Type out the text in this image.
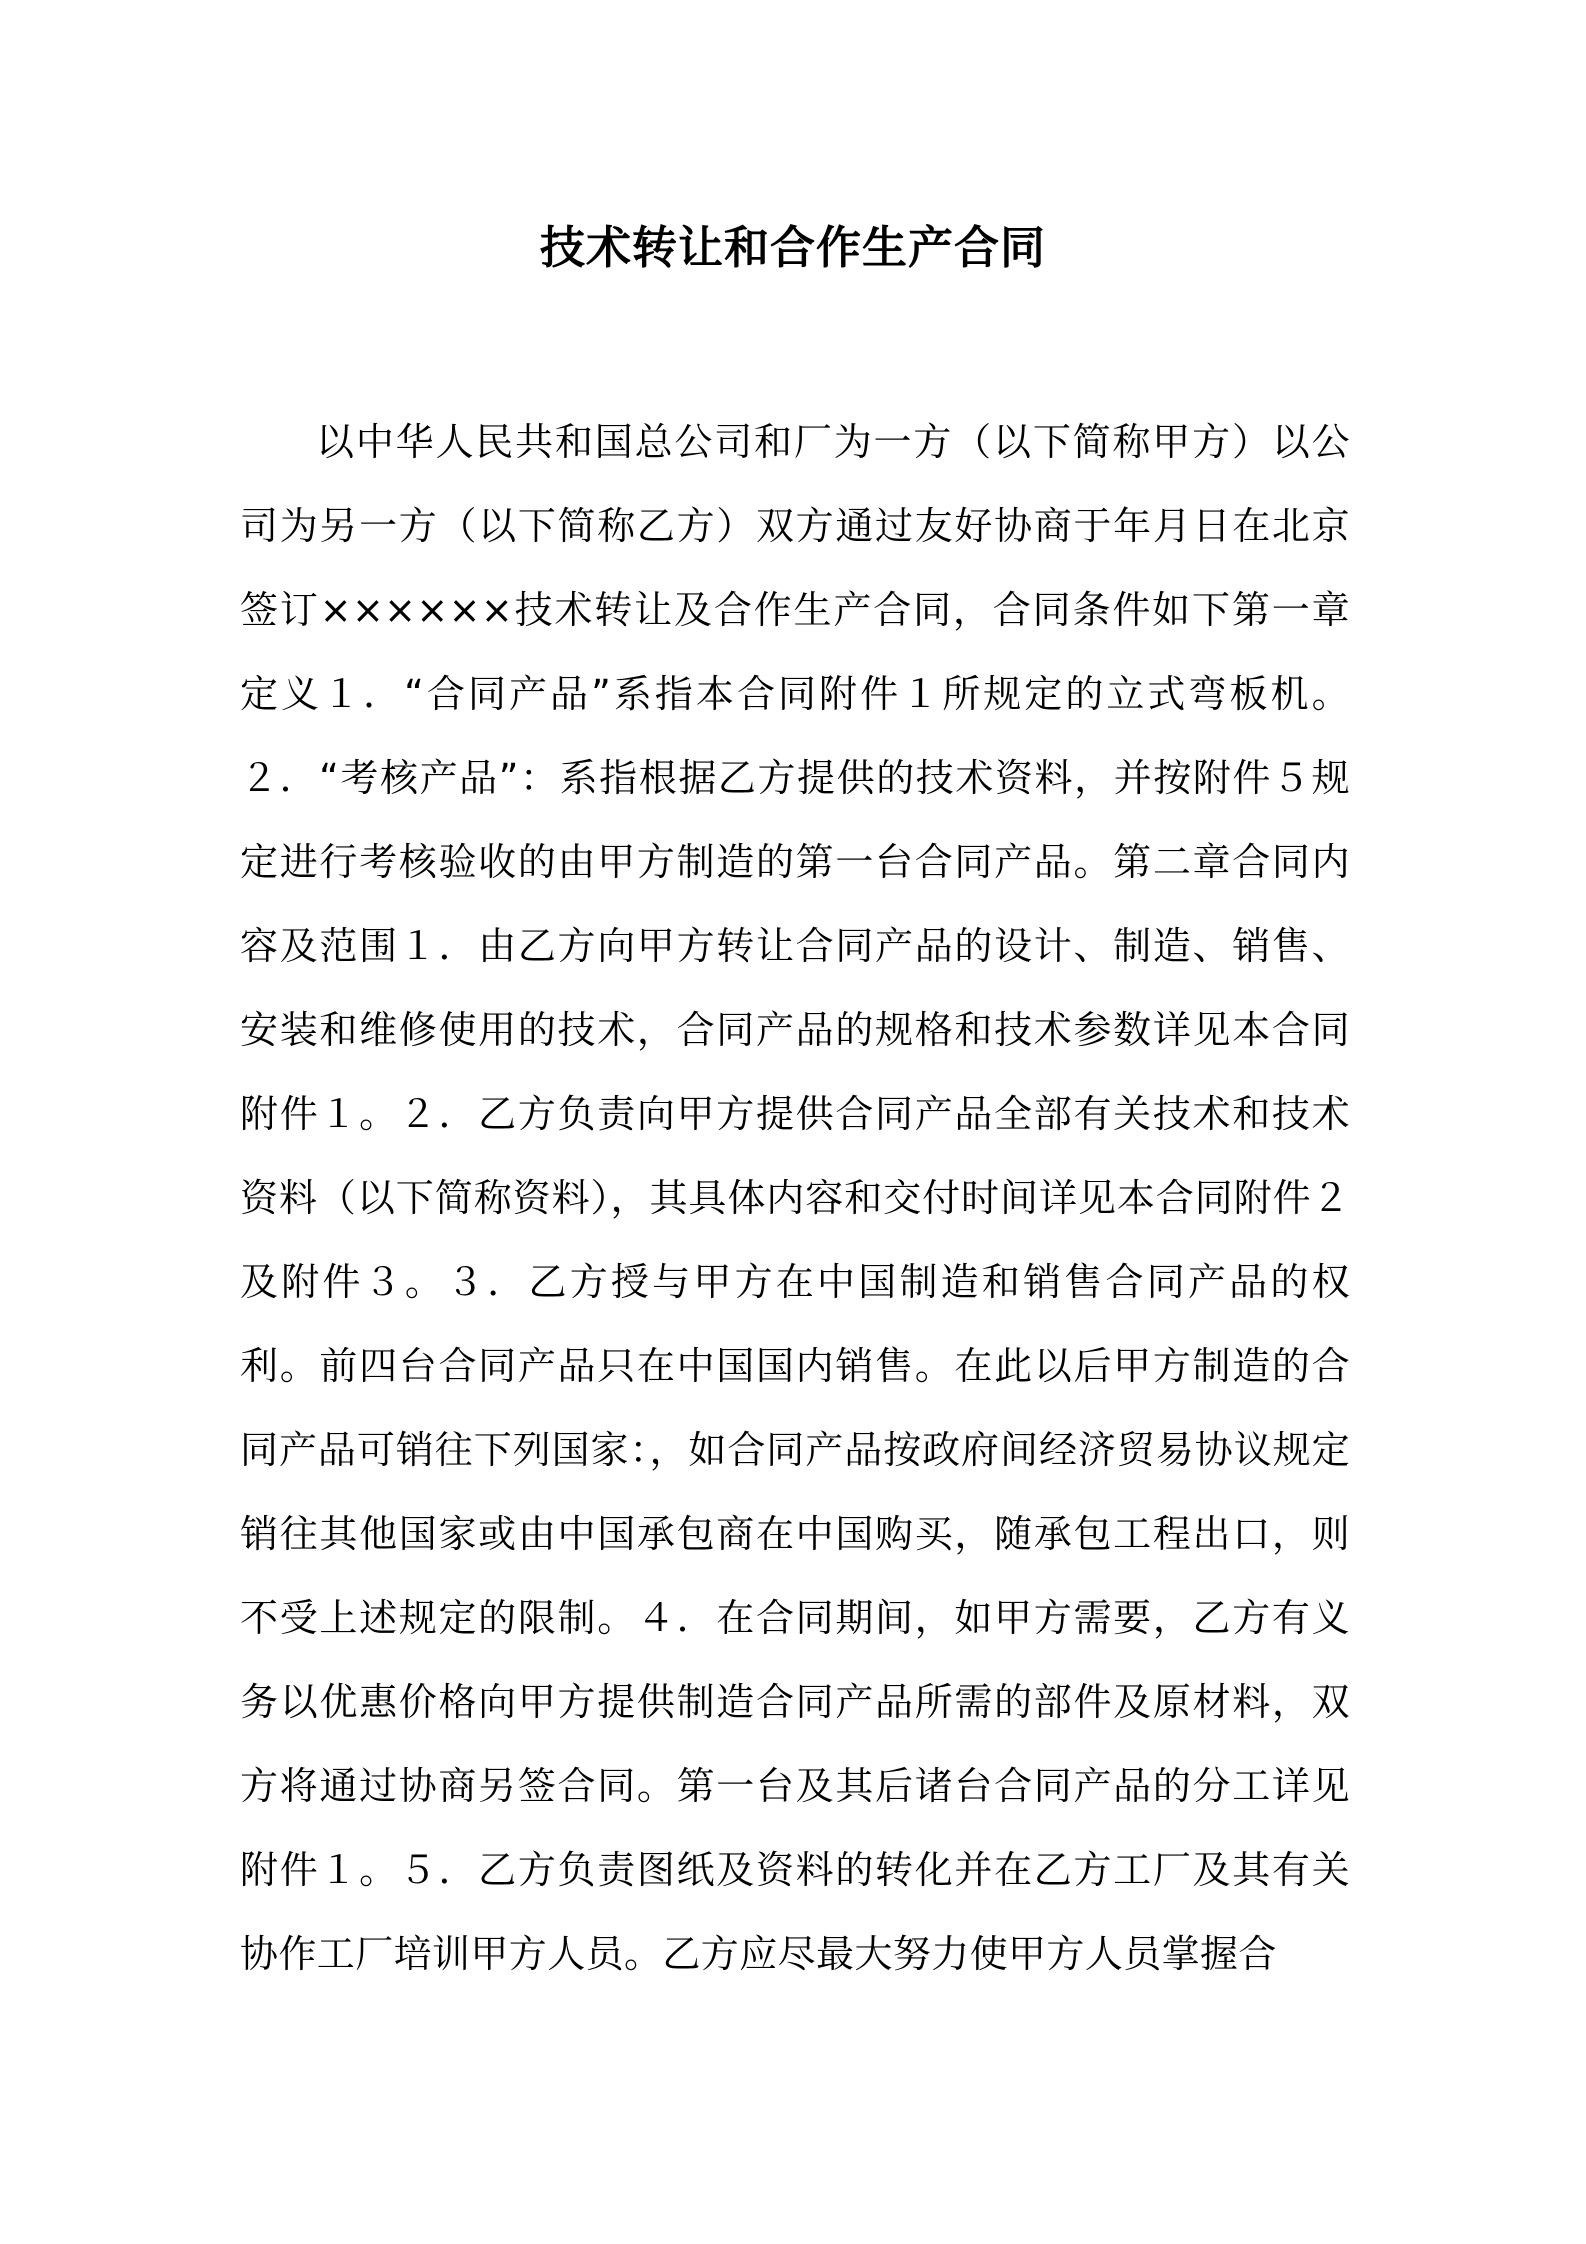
技术转让和合作生产合同

以中华人民共和国总公司和厂为一方（以下简称甲方）以公司为另一方（以下简称乙方）双方通过友好协商于年月日在北京签订××××××技术转让及合作生产合同，合同条件如下第一章定义１．“合同产品”系指本合同附件１所规定的立式弯板机。２．“考核产品”：系指根据乙方提供的技术资料，并按附件５规定进行考核验收的由甲方制造的第一台合同产品。第二章合同内容及范围１．由乙方向甲方转让合同产品的设计、制造、销售、安装和维修使用的技术，合同产品的规格和技术参数详见本合同附件１。２．乙方负责向甲方提供合同产品全部有关技术和技术资料（以下简称资料），其具体内容和交付时间详见本合同附件２及附件３。３．乙方授与甲方在中国制造和销售合同产品的权利。前四台合同产品只在中国国内销售。在此以后甲方制造的合同产品可销往下列国家：，如合同产品按政府间经济贸易协议规定销往其他国家或由中国承包商在中国购买，随承包工程出口，则不受上述规定的限制。４．在合同期间，如甲方需要，乙方有义务以优惠价格向甲方提供制造合同产品所需的部件及原材料，双方将通过协商另签合同。第一台及其后诸台合同产品的分工详见附件１。５．乙方负责图纸及资料的转化并在乙方工厂及其有关协作工厂培训甲方人员。乙方应尽最大努力使甲方人员掌握合
